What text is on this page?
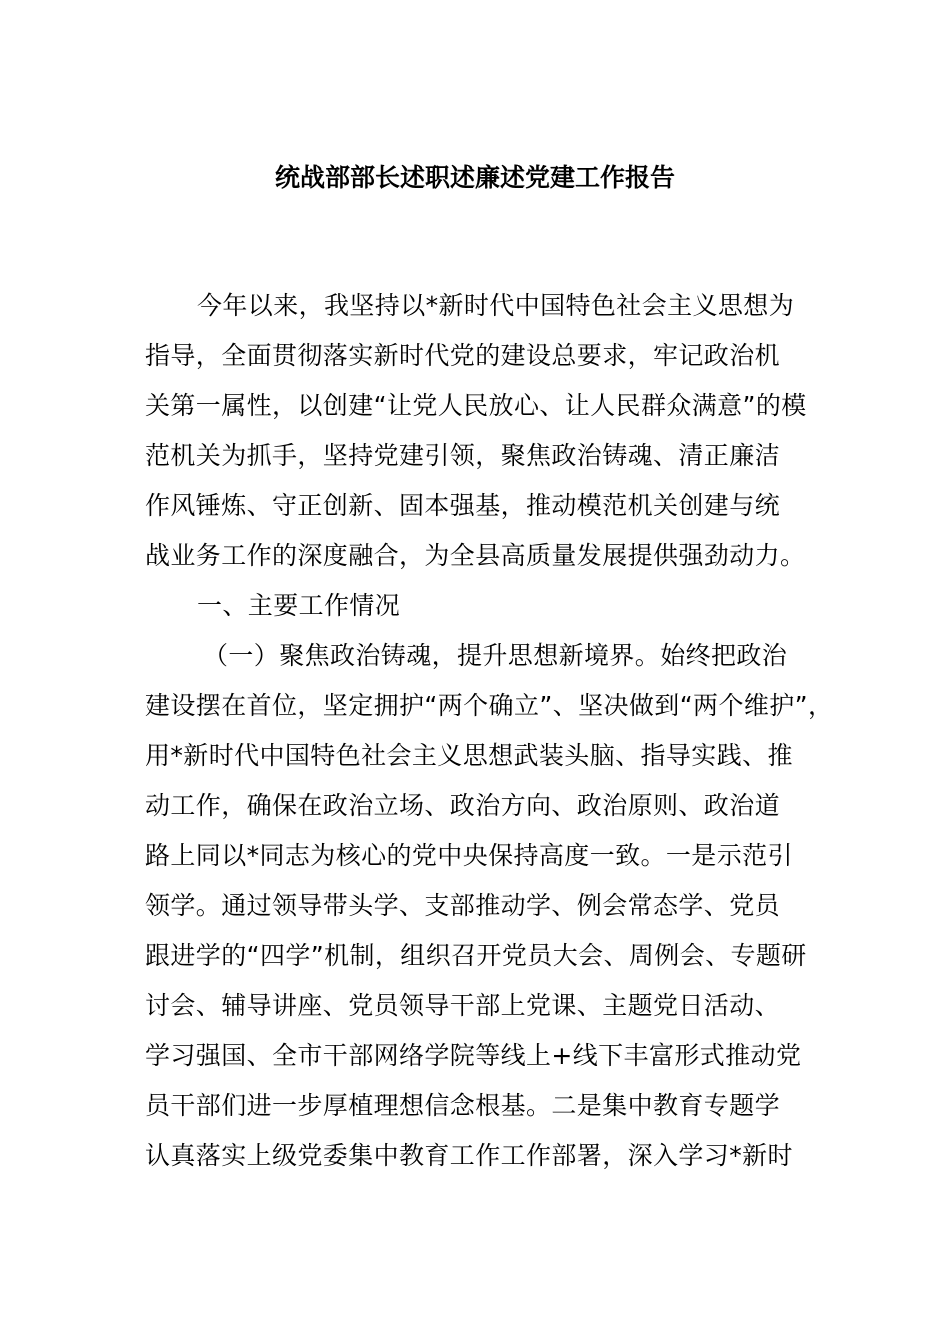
统战部部长述职述廉述党建工作报告
今年以来，我坚持以*新时代中国特色社会主义思想为
指导，全面贯彻落实新时代党的建设总要求，牢记政治机
关第一属性，以创建“让党人民放心、让人民群众满意”的模
范机关为抓手，坚持党建引领，聚焦政治铸魂、清正廉洁
作风锤炼、守正创新、固本强基，推动模范机关创建与统
战业务工作的深度融合，为全县高质量发展提供强劲动力。
一、主要工作情况
（一）聚焦政治铸魂，提升思想新境界。始终把政治
建设摆在首位，坚定拥护“两个确立”、坚决做到“两个维护”，
用*新时代中国特色社会主义思想武装头脑、指导实践、推
动工作，确保在政治立场、政治方向、政治原则、政治道
路上同以*同志为核心的党中央保持高度一致。一是示范引
领学。通过领导带头学、支部推动学、例会常态学、党员
跟进学的“四学”机制，组织召开党员大会、周例会、专题研
讨会、辅导讲座、党员领导干部上党课、主题党日活动、
学习强国、全市干部网络学院等线上+线下丰富形式推动党
员干部们进一步厚植理想信念根基。二是集中教育专题学
认真落实上级党委集中教育工作工作部署，深入学习*新时
